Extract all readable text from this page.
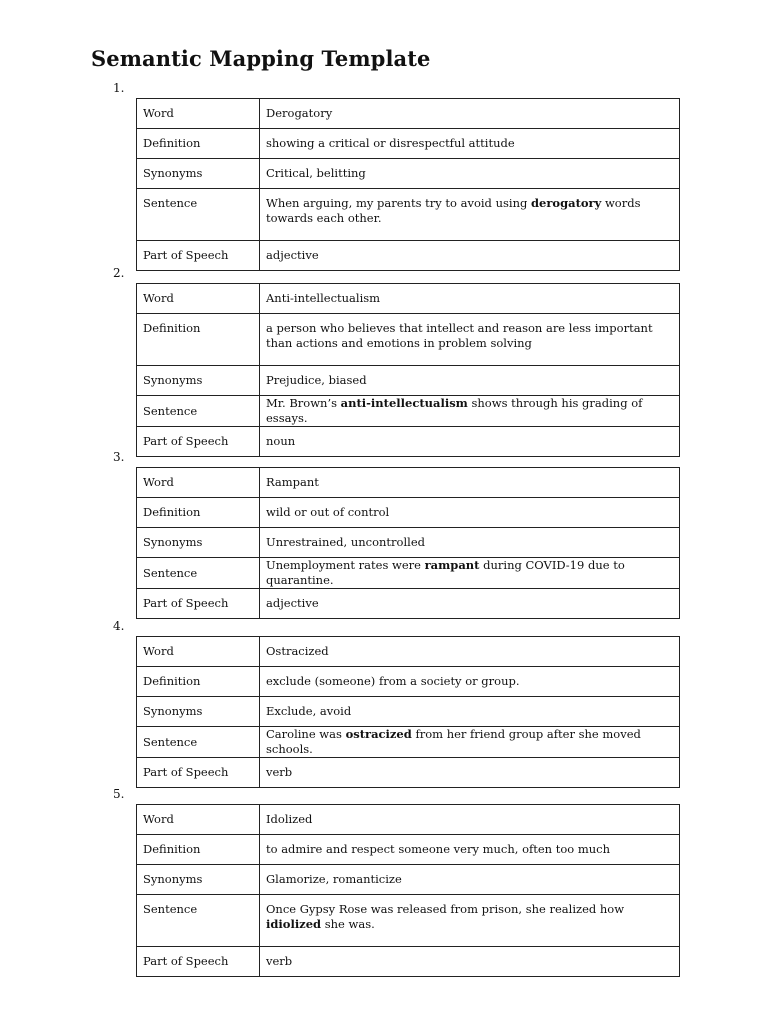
Semantic Mapping Template
1.
Word	Derogatory
Definition	showing a critical or disrespectful attitude
Synonyms	Critical, belitting
Sentence	When arguing, my parents try to avoid using derogatory words towards each other.
Part of Speech	adjective
2.
Word	Anti-intellectualism
Definition	a person who believes that intellect and reason are less important than actions and emotions in problem solving
Synonyms	Prejudice, biased
Sentence	Mr. Brown’s anti-intellectualism shows through his grading of essays.
Part of Speech	noun
3.
Word	Rampant
Definition	wild or out of control
Synonyms	Unrestrained, uncontrolled
Sentence	Unemployment rates were rampant during COVID-19 due to quarantine.
Part of Speech	adjective
4.
Word	Ostracized
Definition	exclude (someone) from a society or group.
Synonyms	Exclude, avoid
Sentence	Caroline was ostracized from her friend group after she moved schools.
Part of Speech	verb
5.
Word	Idolized
Definition	to admire and respect someone very much, often too much
Synonyms	Glamorize, romanticize
Sentence	Once Gypsy Rose was released from prison, she realized how idiolized she was.
Part of Speech	verb
